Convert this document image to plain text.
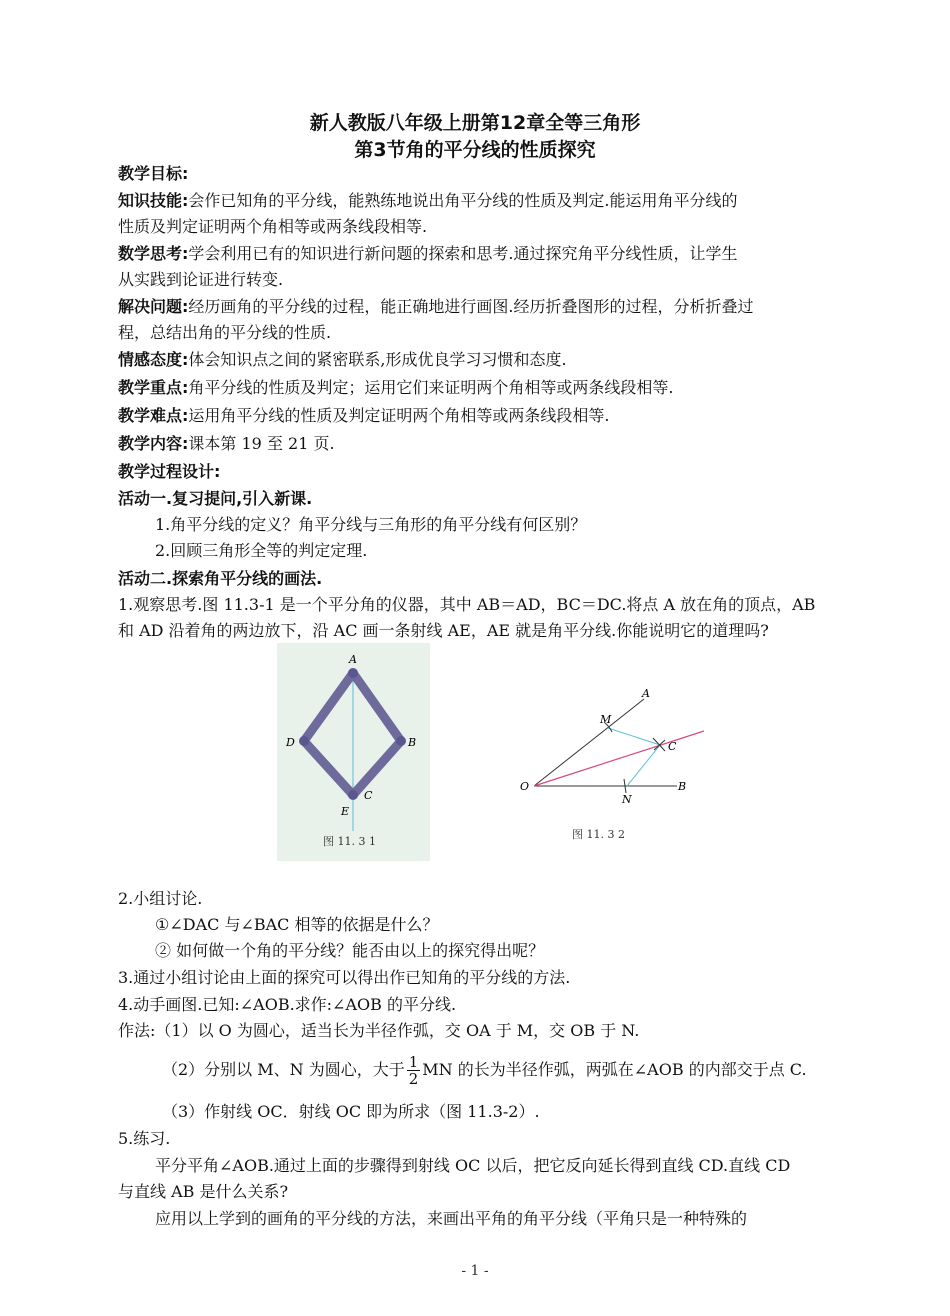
新人教版八年级上册第12章全等三角形
第3节角的平分线的性质探究
教学目标:
知识技能:会作已知角的平分线，能熟练地说出角平分线的性质及判定.能运用角平分线的
性质及判定证明两个角相等或两条线段相等.
数学思考:学会利用已有的知识进行新问题的探索和思考.通过探究角平分线性质，让学生
从实践到论证进行转变.
解决问题:经历画角的平分线的过程，能正确地进行画图.经历折叠图形的过程，分析折叠过
程，总结出角的平分线的性质.
情感态度:体会知识点之间的紧密联系,形成优良学习习惯和态度.
教学重点:角平分线的性质及判定；运用它们来证明两个角相等或两条线段相等.
教学难点:运用角平分线的性质及判定证明两个角相等或两条线段相等.
教学内容:课本第 19 至 21 页.
教学过程设计:
活动一.复习提问,引入新课.
1.角平分线的定义？角平分线与三角形的角平分线有何区别？
2.回顾三角形全等的判定定理.
活动二.探索角平分线的画法.
1.观察思考.图 11.3-1 是一个平分角的仪器，其中 AB＝AD，BC＝DC.将点 A 放在角的顶点，AB
和 AD 沿着角的两边放下，沿 AC 画一条射线 AE，AE 就是角平分线.你能说明它的道理吗?
A
D	B
C
E
图 11. 3 1
A
M
C
O
N
B
图 11. 3 2
2.小组讨论.
①∠DAC 与∠BAC 相等的依据是什么？
② 如何做一个角的平分线？能否由以上的探究得出呢？
3.通过小组讨论由上面的探究可以得出作已知角的平分线的方法.
4.动手画图.已知:∠AOB.求作:∠AOB 的平分线.
作法:（1）以 O 为圆心，适当长为半径作弧，交 OA 于 M，交 OB 于 N.
（2）分别以 M、N 为圆心，大于 $\frac{1}{2}$ MN 的长为半径作弧，两弧在∠AOB 的内部交于点 C.
（3）作射线 OC．射线 OC 即为所求（图 11.3-2）.
5.练习.
平分平角∠AOB.通过上面的步骤得到射线 OC 以后，把它反向延长得到直线 CD.直线 CD
与直线 AB 是什么关系?
应用以上学到的画角的平分线的方法，来画出平角的角平分线（平角只是一种特殊的
- 1 -
